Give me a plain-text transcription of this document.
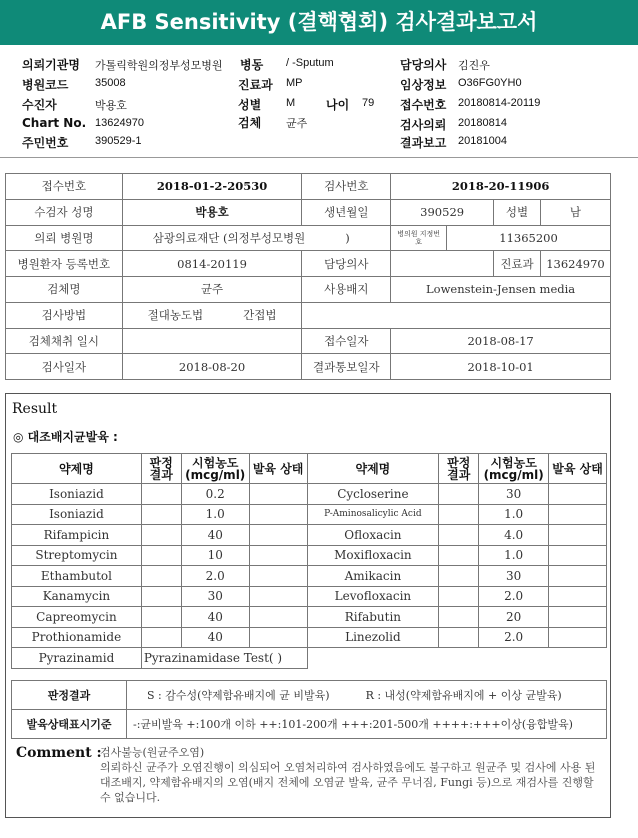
AFB Sensitivity (결핵협회) 검사결과보고서
의뢰기관명 가톨릭학원의정부성모병원 병동 / -Sputum	담당의사 김진우
병원코드 35008	진료과 MP	임상정보 O36FG0YH0
수진자	박용호	성별 M	나이 79 접수번호 20180814-20119
Chart No. 13624970	검체 균주	검사의뢰 20180814
주민번호 390529-1	결과보고 20181004
접수번호	2018-01-2-20530	검사번호	2018-20-11906			
수검자 성명	박용호	생년월일	390529		성별	남
의뢰 병원명	삼광의료재단 (의정부성모병원 )		병의원 지정번호	11365200		
병원환자 등록번호	0814-20119	담당의사			진료과	13624970
검체명	균주	사용배지	Lowenstein-Jensen media			
검사방법	절대농도법 간접법					
검체채취 일시		접수일자	2018-08-17			
검사일자	2018-08-20	결과통보일자	2018-10-01			
Result
◎ 대조배지균발육 :
약제명	판정 결과	시험농도 (mcg/ml)	발육 상태	약제명	판정 결과	시험농도 (mcg/ml)	발육 상태
Isoniazid		0.2		Cycloserine		30	
Isoniazid		1.0		P-Aminosalicylic Acid		1.0	
Rifampicin		40		Ofloxacin		4.0	
Streptomycin		10		Moxifloxacin		1.0	
Ethambutol		2.0		Amikacin		30	
Kanamycin		30		Levofloxacin		2.0	
Capreomycin		40		Rifabutin		20	
Prothionamide		40		Linezolid		2.0	
Pyrazinamid	Pyrazinamidase Test( )						
판정결과	S : 감수성(약제함유배지에 균 비발육) R : 내성(약제함유배지에 + 이상 균발육)
발육상태표시기준	-:균비발육 +:100개 이하 ++:101-200개 +++:201-500개 ++++:+++이상(융합발육)
Comment :
검사불능(원균주오염)
의뢰하신 균주가 오염진행이 의심되어 오염처리하여 검사하였음에도 불구하고 원균주 및 검사에 사용 된 대조배지, 약제함유배지의 오염(배지 전체에 오염균 발육, 균주 무너짐, Fungi 등)으로 재검사를 진행할 수 없습니다.
